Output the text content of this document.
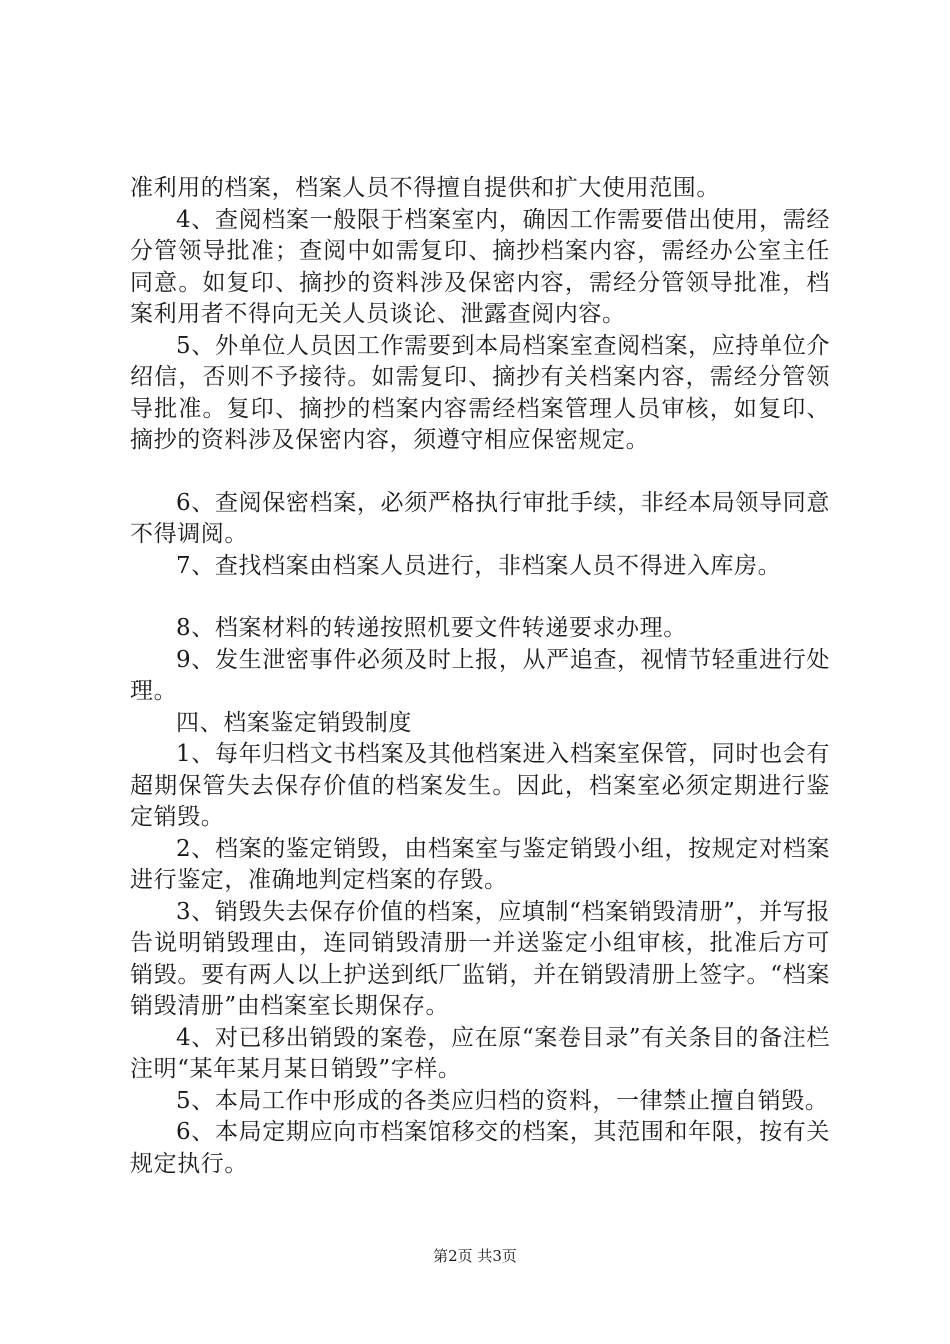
准利用的档案，档案人员不得擅自提供和扩大使用范围。

4、查阅档案一般限于档案室内，确因工作需要借出使用，需经分管领导批准；查阅中如需复印、摘抄档案内容，需经办公室主任同意。如复印、摘抄的资料涉及保密内容，需经分管领导批准，档案利用者不得向无关人员谈论、泄露查阅内容。

5、外单位人员因工作需要到本局档案室查阅档案，应持单位介绍信，否则不予接待。如需复印、摘抄有关档案内容，需经分管领导批准。复印、摘抄的档案内容需经档案管理人员审核，如复印、摘抄的资料涉及保密内容，须遵守相应保密规定。

6、查阅保密档案，必须严格执行审批手续，非经本局领导同意不得调阅。

7、查找档案由档案人员进行，非档案人员不得进入库房。

8、档案材料的转递按照机要文件转递要求办理。

9、发生泄密事件必须及时上报，从严追查，视情节轻重进行处理。

四、档案鉴定销毁制度

1、每年归档文书档案及其他档案进入档案室保管，同时也会有超期保管失去保存价值的档案发生。因此，档案室必须定期进行鉴定销毁。

2、档案的鉴定销毁，由档案室与鉴定销毁小组，按规定对档案进行鉴定，准确地判定档案的存毁。

3、销毁失去保存价值的档案，应填制“档案销毁清册”，并写报告说明销毁理由，连同销毁清册一并送鉴定小组审核，批准后方可销毁。要有两人以上护送到纸厂监销，并在销毁清册上签字。“档案销毁清册”由档案室长期保存。

4、对已移出销毁的案卷，应在原“案卷目录”有关条目的备注栏注明“某年某月某日销毁”字样。

5、本局工作中形成的各类应归档的资料，一律禁止擅自销毁。

6、本局定期应向市档案馆移交的档案，其范围和年限，按有关规定执行。

第2页 共3页
